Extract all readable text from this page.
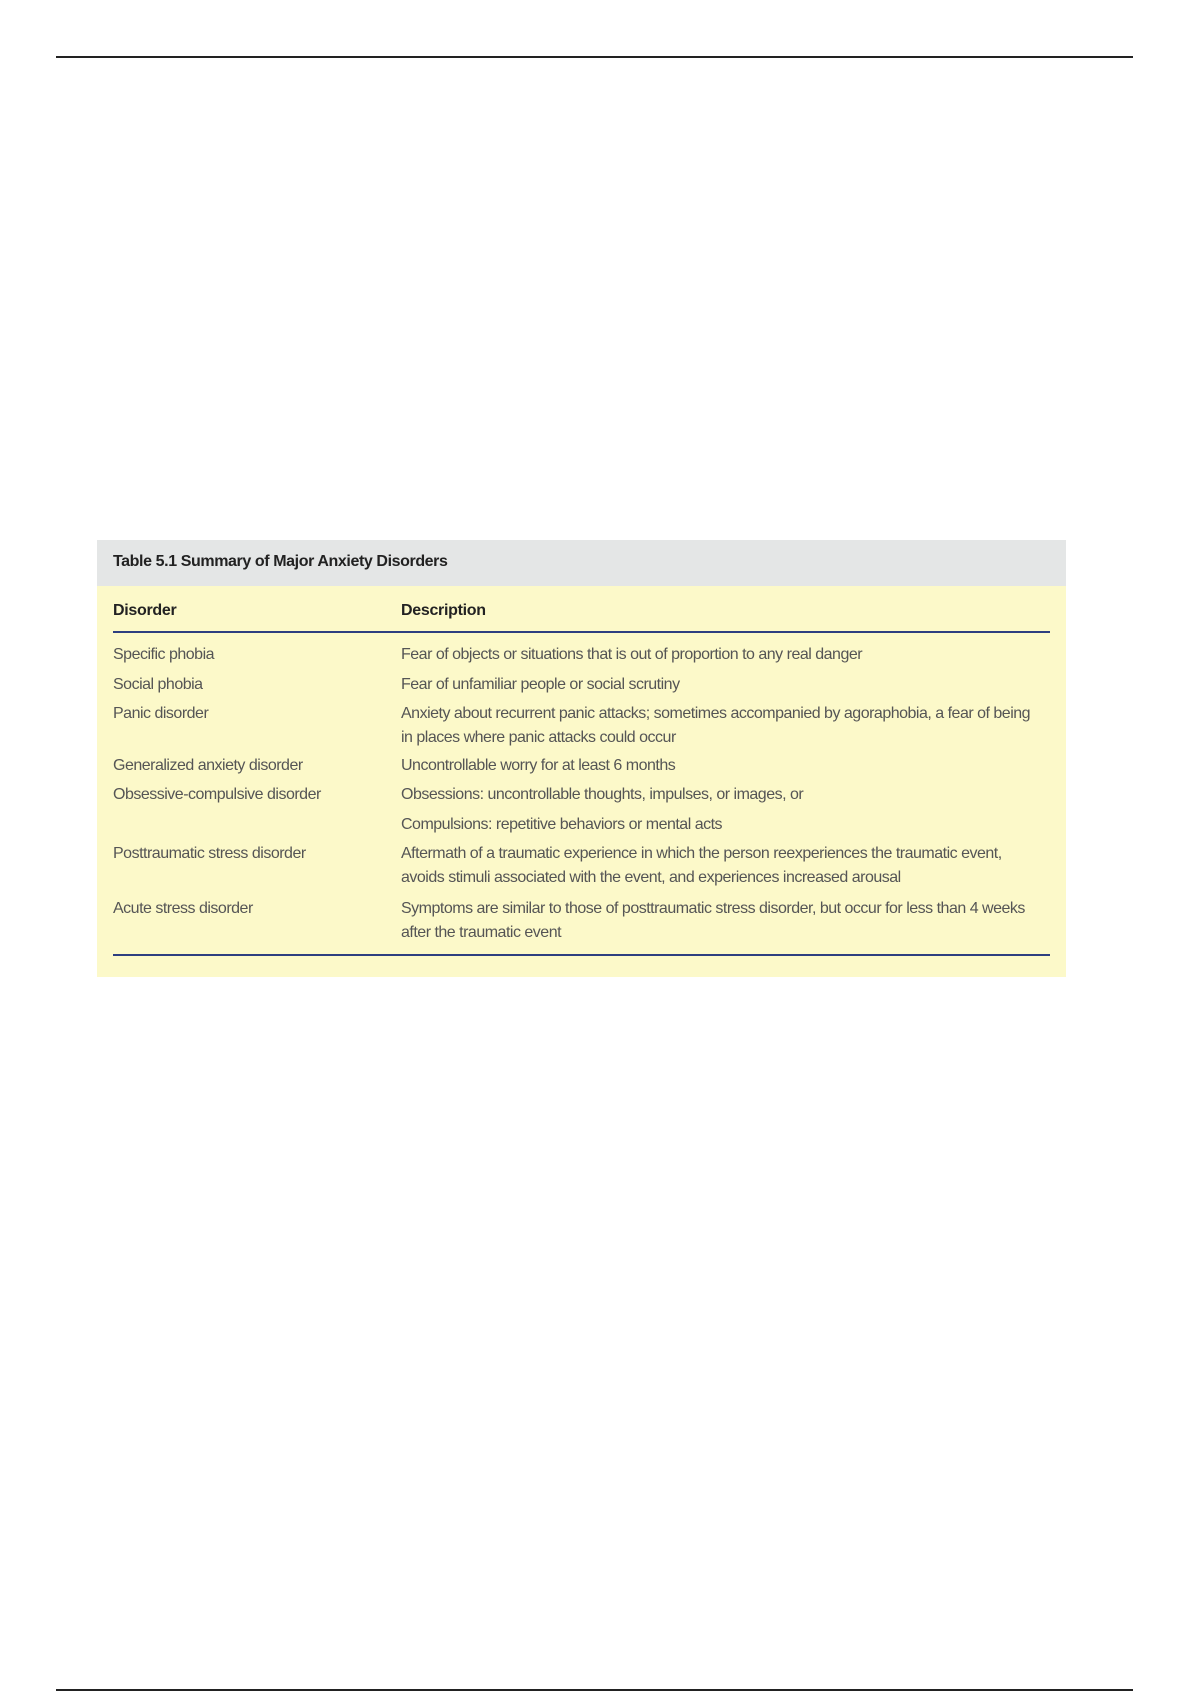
Table 5.1 Summary of Major Anxiety Disorders
Disorder	Description
Specific phobia	Fear of objects or situations that is out of proportion to any real danger
Social phobia	Fear of unfamiliar people or social scrutiny
Panic disorder	Anxiety about recurrent panic attacks; sometimes accompanied by agoraphobia, a fear of being
in places where panic attacks could occur
Generalized anxiety disorder	Uncontrollable worry for at least 6 months
Obsessive-compulsive disorder	Obsessions: uncontrollable thoughts, impulses, or images, or
Compulsions: repetitive behaviors or mental acts
Posttraumatic stress disorder	Aftermath of a traumatic experience in which the person reexperiences the traumatic event,
avoids stimuli associated with the event, and experiences increased arousal
Acute stress disorder	Symptoms are similar to those of posttraumatic stress disorder, but occur for less than 4 weeks
after the traumatic event
